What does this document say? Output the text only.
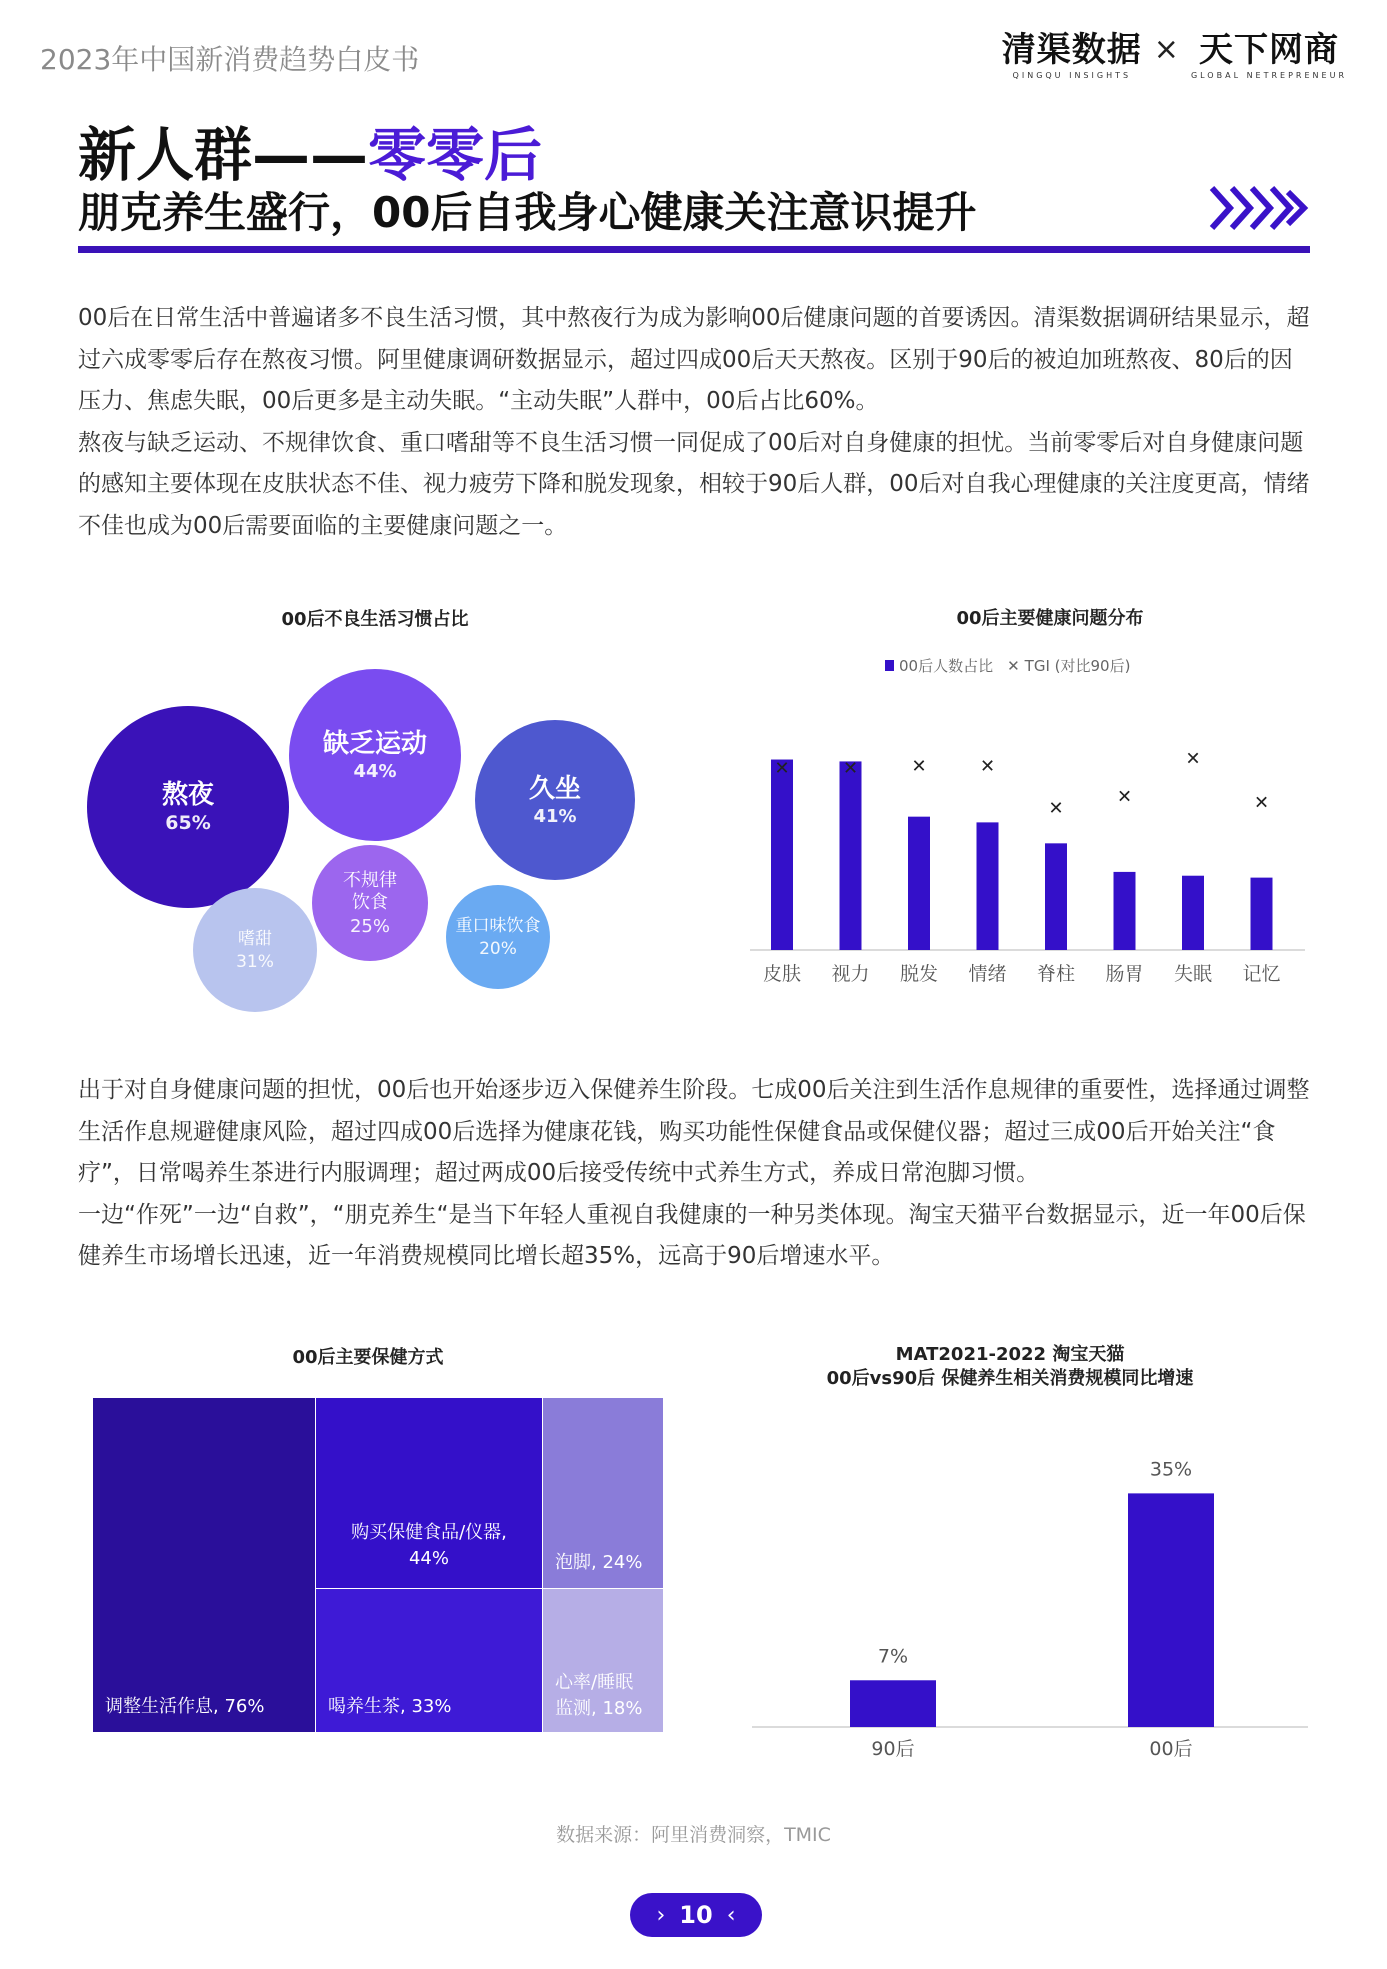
2023年中国新消费趋势白皮书	清渠数据
QINGQU INSIGHTS
× 天下网商
GLOBAL NETREPRENEUR
新人群——零零后
朋克养生盛行，00后自我身心健康关注意识提升

00后在日常生活中普遍诸多不良生活习惯，其中熬夜行为成为影响00后健康问题的首要诱因。清渠数据调研结果显示，超过六成零零后存在熬夜习惯。阿里健康调研数据显示，超过四成00后天天熬夜。区别于90后的被迫加班熬夜、80后的因压力、焦虑失眠，00后更多是主动失眠。“主动失眠”人群中，00后占比60%。

熬夜与缺乏运动、不规律饮食、重口嗜甜等不良生活习惯一同促成了00后对自身健康的担忧。当前零零后对自身健康问题的感知主要体现在皮肤状态不佳、视力疲劳下降和脱发现象，相较于90后人群，00后对自我心理健康的关注度更高，情绪不佳也成为00后需要面临的主要健康问题之一。

00后不良生活习惯占比
熬夜
65%
缺乏运动
44%
久坐
41%
嗜甜
31%
不规律
饮食
25%	重口味饮食
20%
00后主要健康问题分布
00后人数占比 ✕ TGI (对比90后)
✕
皮肤
✕
视力
✕
脱发
✕
情绪
✕
脊柱
✕
肠胃
✕
失眠
✕
记忆

出于对自身健康问题的担忧，00后也开始逐步迈入保健养生阶段。七成00后关注到生活作息规律的重要性，选择通过调整生活作息规避健康风险，超过四成00后选择为健康花钱，购买功能性保健食品或保健仪器；超过三成00后开始关注“食疗”，日常喝养生茶进行内服调理；超过两成00后接受传统中式养生方式，养成日常泡脚习惯。

一边“作死”一边“自救”，“朋克养生“是当下年轻人重视自我健康的一种另类体现。淘宝天猫平台数据显示，近一年00后保健养生市场增长迅速，近一年消费规模同比增长超35%，远高于90后增速水平。

00后主要保健方式
调整生活作息, 76%
购买保健食品/仪器,
44%
喝养生茶, 33%
泡脚, 24%
心率/睡眠
监测, 18%
MAT2021-2022 淘宝天猫
00后vs90后 保健养生相关消费规模同比增速
7%
90后
35%
00后
数据来源：阿里消费洞察，TMIC
› 10 ‹
